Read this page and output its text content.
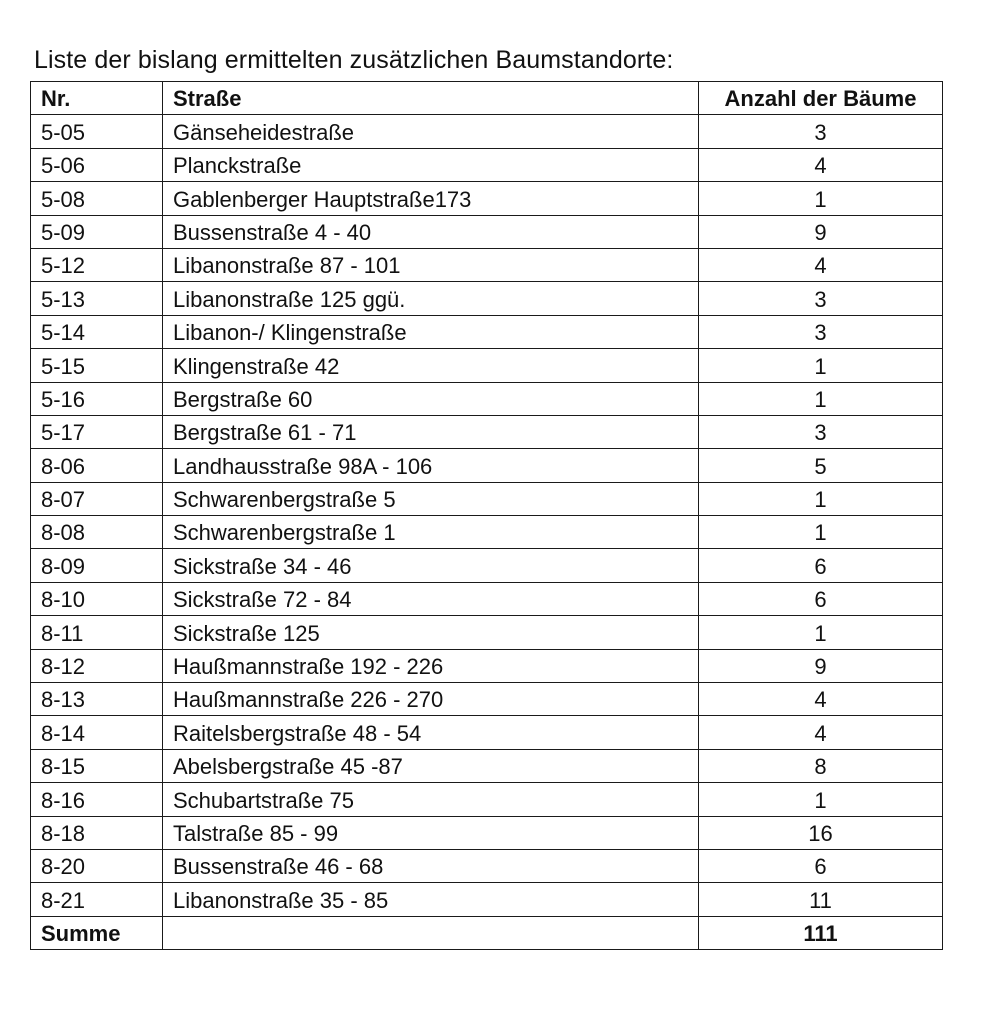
Liste der bislang ermittelten zusätzlichen Baumstandorte:
Nr.	Straße	Anzahl der Bäume
5-05	Gänseheidestraße	3
5-06	Planckstraße	4
5-08	Gablenberger Hauptstraße173	1
5-09	Bussenstraße 4 - 40	9
5-12	Libanonstraße 87 - 101	4
5-13	Libanonstraße 125 ggü.	3
5-14	Libanon-/ Klingenstraße	3
5-15	Klingenstraße 42	1
5-16	Bergstraße 60	1
5-17	Bergstraße 61 - 71	3
8-06	Landhausstraße 98A - 106	5
8-07	Schwarenbergstraße 5	1
8-08	Schwarenbergstraße 1	1
8-09	Sickstraße 34 - 46	6
8-10	Sickstraße 72 - 84	6
8-11	Sickstraße 125	1
8-12	Haußmannstraße 192 - 226	9
8-13	Haußmannstraße 226 - 270	4
8-14	Raitelsbergstraße 48 - 54	4
8-15	Abelsbergstraße 45 -87	8
8-16	Schubartstraße 75	1
8-18	Talstraße 85 - 99	16
8-20	Bussenstraße 46 - 68	6
8-21	Libanonstraße 35 - 85	11
Summe		111
